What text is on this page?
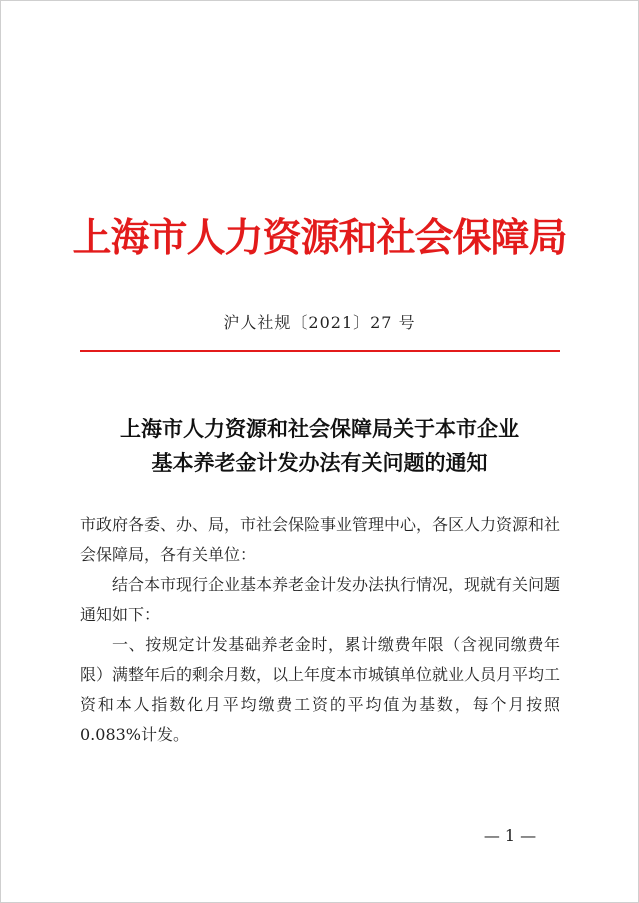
上海市人力资源和社会保障局
沪人社规〔2021〕27 号
上海市人力资源和社会保障局关于本市企业
基本养老金计发办法有关问题的通知

市政府各委、办、局，市社会保险事业管理中心，各区人力资源和社会保障局，各有关单位：

结合本市现行企业基本养老金计发办法执行情况，现就有关问题通知如下：

一、按规定计发基础养老金时，累计缴费年限（含视同缴费年限）满整年后的剩余月数，以上年度本市城镇单位就业人员月平均工资和本人指数化月平均缴费工资的平均值为基数，每个月按照 0.083%计发。

— 1 —
